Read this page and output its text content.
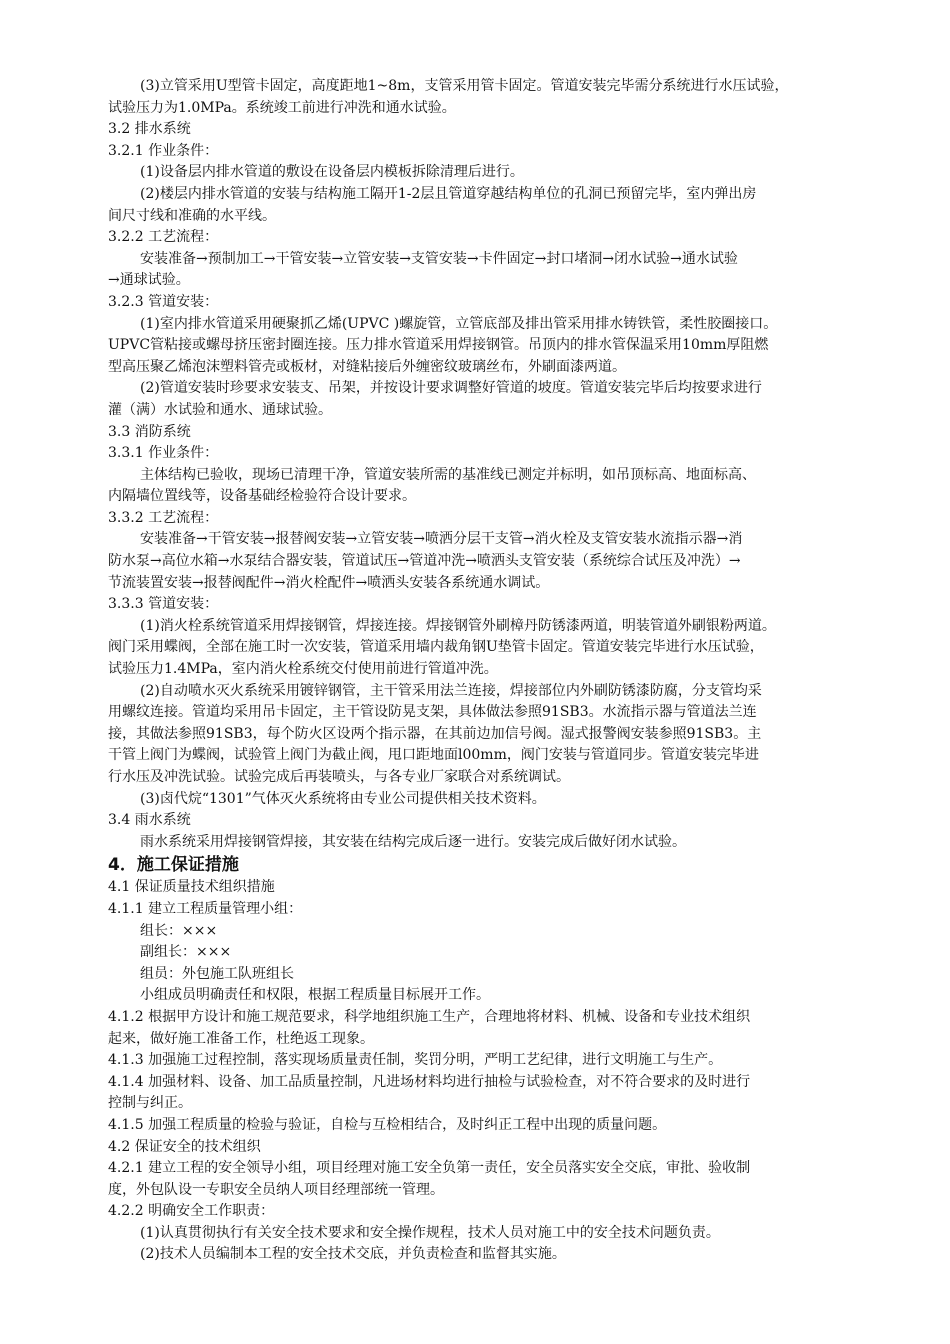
(3)立管采用U型管卡固定，高度距地1~8m，支管采用管卡固定。管道安装完毕需分系统进行水压试验，
试验压力为1.0MPa。系统竣工前进行冲洗和通水试验。
3.2 排水系统
3.2.1 作业条件：
(1)设备层内排水管道的敷设在设备层内模板拆除清理后进行。
(2)楼层内排水管道的安装与结构施工隔开1-2层且管道穿越结构单位的孔洞已预留完毕，室内弹出房
间尺寸线和准确的水平线。
3.2.2 工艺流程：
安装准备→预制加工→干管安装→立管安装→支管安装→卡件固定→封口堵洞→闭水试验→通水试验
→通球试验。
3.2.3 管道安装：
(1)室内排水管道采用硬聚抓乙烯(UPVC )螺旋管，立管底部及排出管采用排水铸铁管，柔性胶圈接口。
UPVC管粘接或螺母挤压密封圈连接。压力排水管道采用焊接钢管。吊顶内的排水管保温采用10mm厚阻燃
型高压聚乙烯泡沫塑料管壳或板材，对缝粘接后外缠密纹玻璃丝布，外刷面漆两道。
(2)管道安装时珍要求安装支、吊架，并按设计要求调整好管道的坡度。管道安装完毕后均按要求进行
灌（满）水试验和通水、通球试验。
3.3 消防系统
3.3.1 作业条件：
主体结构已验收，现场已清理干净，管道安装所需的基准线已测定并标明，如吊顶标高、地面标高、
内隔墙位置线等，设备基础经检验符合设计要求。
3.3.2 工艺流程：
安装准备→干管安装→报替阀安装→立管安装→喷洒分层干支管→消火栓及支管安装水流指示器→消
防水泵→高位水箱→水泵结合器安装，管道试压→管道冲洗→喷洒头支管安装（系统综合试压及冲洗）→
节流装置安装→报替阀配件→消火栓配件→喷洒头安装各系统通水调试。
3.3.3 管道安装：
(1)消火栓系统管道采用焊接钢管，焊接连接。焊接钢管外刷樟丹防锈漆两道，明装管道外刷银粉两道。
阀门采用蝶阀，全部在施工时一次安装，管道采用墙内裁角钢U垫管卡固定。管道安装完毕进行水压试验，
试验压力1.4MPa，室内消火栓系统交付使用前进行管道冲洗。
(2)自动喷水灭火系统采用镀锌钢管，主干管采用法兰连接，焊接部位内外刷防锈漆防腐，分支管均采
用螺纹连接。管道均采用吊卡固定，主干管设防晃支架，具体做法参照91SB3。水流指示器与管道法兰连
接，其做法参照91SB3，每个防火区设两个指示器，在其前边加信号阀。湿式报警阀安装参照91SB3。主
干管上阀门为蝶阀，试验管上阀门为截止阀，甩口距地面l00mm，阀门安装与管道同步。管道安装完毕进
行水压及冲洗试验。试验完成后再装喷头，与各专业厂家联合对系统调试。
(3)卤代烷“1301”气体灭火系统将由专业公司提供相关技术资料。
3.4 雨水系统
雨水系统采用焊接钢管焊接，其安装在结构完成后逐一进行。安装完成后做好闭水试验。
4．施工保证措施
4.1 保证质量技术组织措施
4.1.1 建立工程质量管理小组：
组长：×××
副组长：×××
组员：外包施工队班组长
小组成员明确责任和权限，根据工程质量目标展开工作。
4.1.2 根据甲方设计和施工规范要求，科学地组织施工生产，合理地将材料、机械、设备和专业技术组织
起来，做好施工准备工作，杜绝返工现象。
4.1.3 加强施工过程控制，落实现场质量责任制，奖罚分明，严明工艺纪律，进行文明施工与生产。
4.1.4 加强材料、设备、加工品质量控制，凡进场材料均进行抽检与试验检查，对不符合要求的及时进行
控制与纠正。
4.1.5 加强工程质量的检验与验证，自检与互检相结合，及时纠正工程中出现的质量问题。
4.2 保证安全的技术组织
4.2.1 建立工程的安全领导小组，项目经理对施工安全负第一责任，安全员落实安全交底，审批、验收制
度，外包队设一专职安全员纳人项目经理部统一管理。
4.2.2 明确安全工作职责：
(1)认真贯彻执行有关安全技术要求和安全操作规程，技术人员对施工中的安全技术问题负责。
(2)技术人员编制本工程的安全技术交底，并负责检查和监督其实施。
